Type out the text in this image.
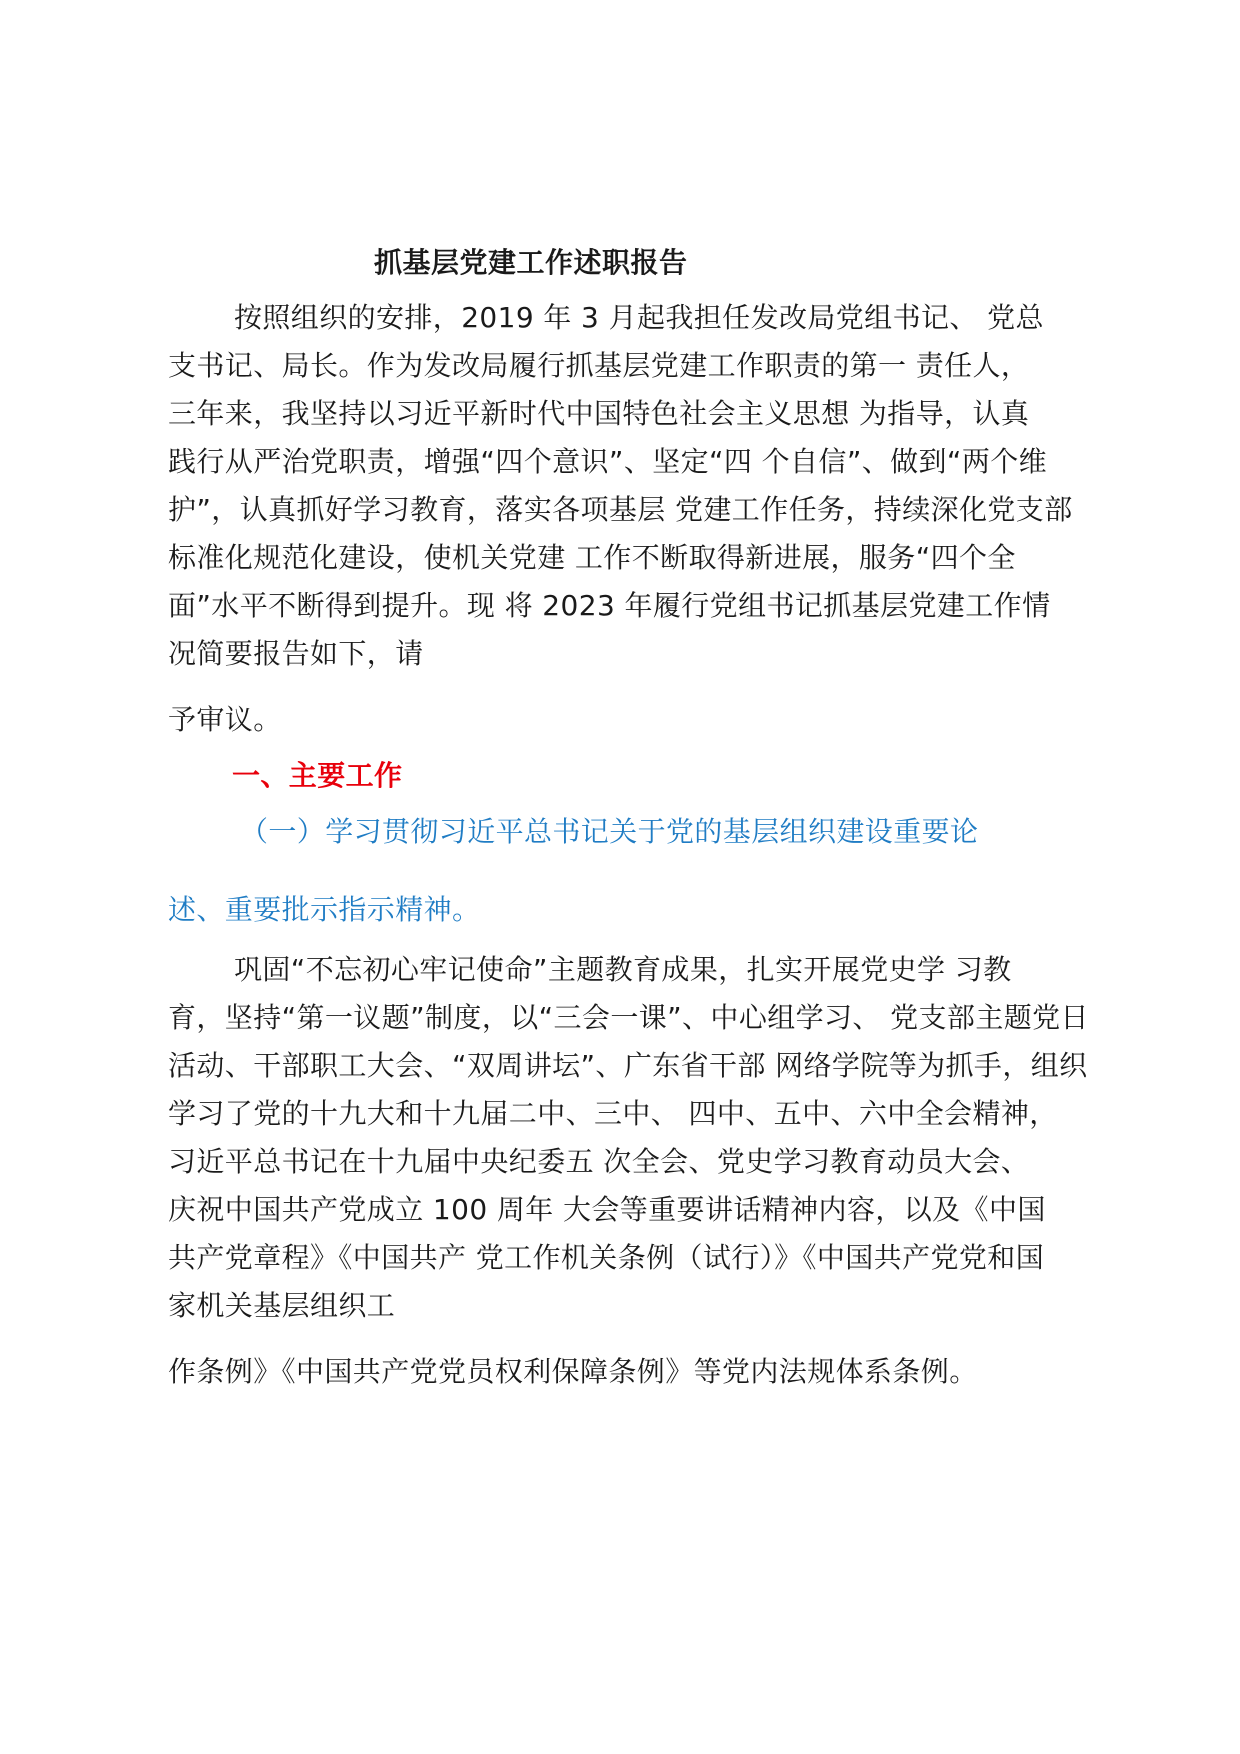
抓基层党建工作述职报告
按照组织的安排，2019 年 3 月起我担任发改局党组书记、 党总
支书记、局长。作为发改局履行抓基层党建工作职责的第一 责任人，
三年来，我坚持以习近平新时代中国特色社会主义思想 为指导，认真
践行从严治党职责，增强“四个意识”、坚定“四 个自信”、做到“两个维
护”，认真抓好学习教育，落实各项基层 党建工作任务，持续深化党支部
标准化规范化建设，使机关党建 工作不断取得新进展，服务“四个全
面”水平不断得到提升。现 将 2023 年履行党组书记抓基层党建工作情
况简要报告如下，请
予审议。
一、主要工作
（一）学习贯彻习近平总书记关于党的基层组织建设重要论
述、重要批示指示精神。
巩固“不忘初心牢记使命”主题教育成果，扎实开展党史学 习教
育，坚持“第一议题”制度，以“三会一课”、中心组学习、 党支部主题党日
活动、干部职工大会、“双周讲坛”、广东省干部 网络学院等为抓手，组织
学习了党的十九大和十九届二中、三中、 四中、五中、六中全会精神，
习近平总书记在十九届中央纪委五 次全会、党史学习教育动员大会、
庆祝中国共产党成立 100 周年 大会等重要讲话精神内容，以及《中国
共产党章程》《中国共产 党工作机关条例（试行）》《中国共产党党和国
家机关基层组织工
作条例》《中国共产党党员权利保障条例》等党内法规体系条例。
